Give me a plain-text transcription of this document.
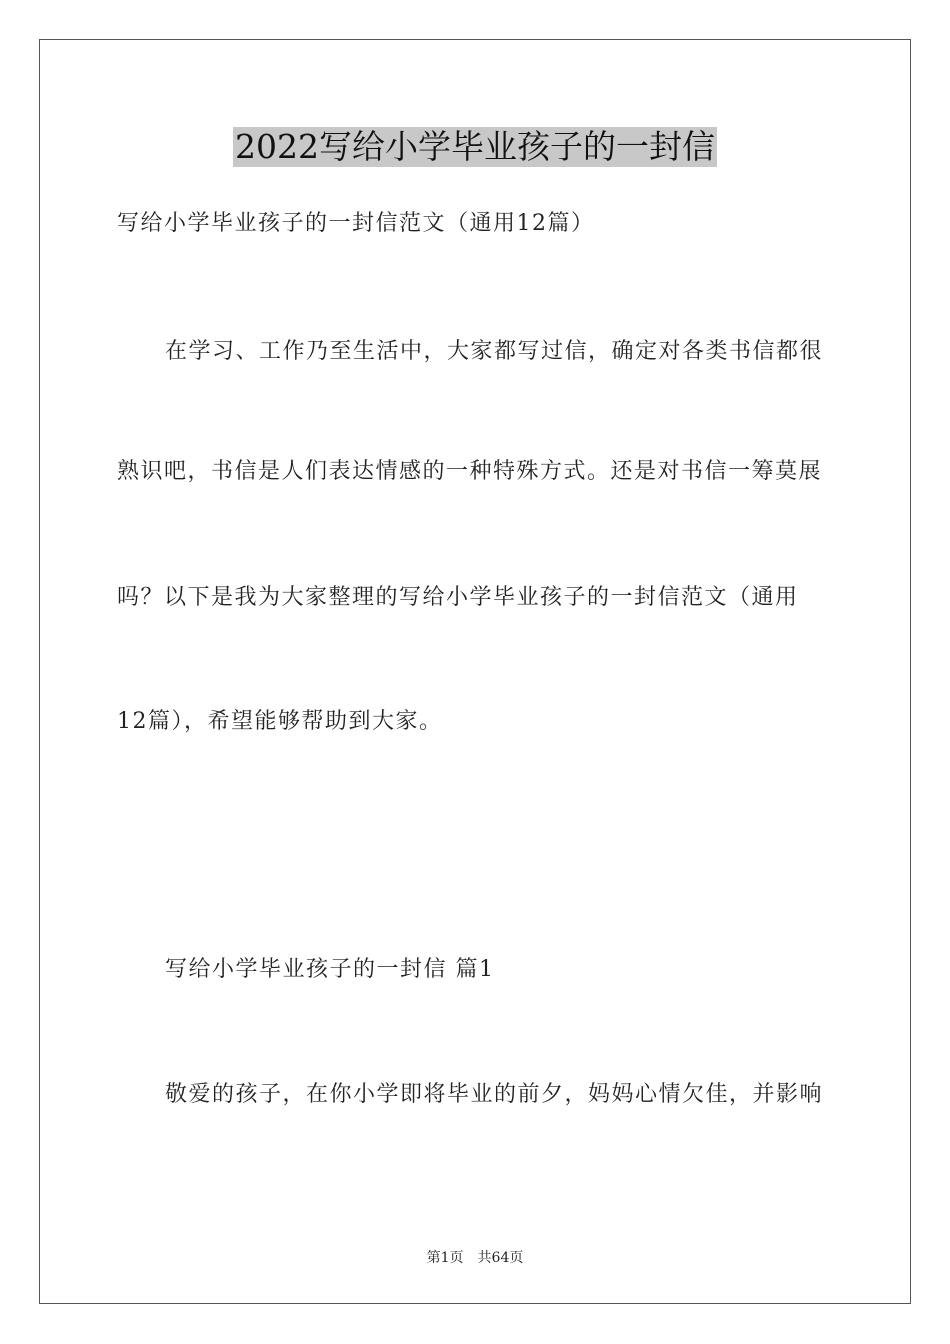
2022写给小学毕业孩子的一封信
写给小学毕业孩子的一封信范文（通用12篇）
在学习、工作乃至生活中，大家都写过信，确定对各类书信都很
熟识吧，书信是人们表达情感的一种特殊方式。还是对书信一筹莫展
吗？以下是我为大家整理的写给小学毕业孩子的一封信范文（通用
12篇），希望能够帮助到大家。
写给小学毕业孩子的一封信 篇1
敬爱的孩子，在你小学即将毕业的前夕，妈妈心情欠佳，并影响
第1页 共64页
